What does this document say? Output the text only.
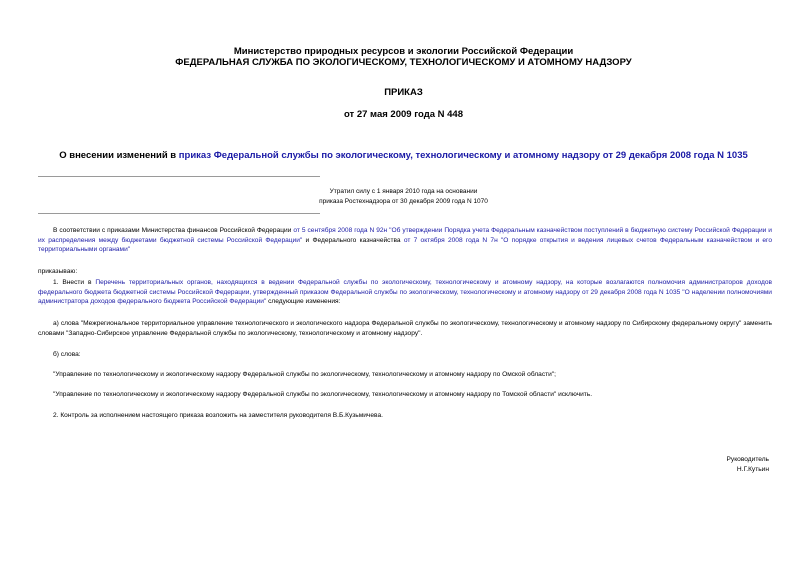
Министерство природных ресурсов и экологии Российской Федерации
ФЕДЕРАЛЬНАЯ СЛУЖБА ПО ЭКОЛОГИЧЕСКОМУ, ТЕХНОЛОГИЧЕСКОМУ И АТОМНОМУ НАДЗОРУ
ПРИКАЗ
от 27 мая 2009 года N 448
О внесении изменений в приказ Федеральной службы по экологическому, технологическому и атомному надзору от 29 декабря 2008 года N 1035
Утратил силу с 1 января 2010 года на основании
приказа Ростехнадзора от 30 декабря 2009 года N 1070
В соответствии с приказами Министерства финансов Российской Федерации от 5 сентября 2008 года N 92н "Об утверждении Порядка учета Федеральным казначейством поступлений в бюджетную систему Российской Федерации и их распределения между бюджетами бюджетной системы Российской Федерации" и Федерального казначейства от 7 октября 2008 года N 7н "О порядке открытия и ведения лицевых счетов Федеральным казначейством и его территориальными органами"
приказываю:
1. Внести в Перечень территориальных органов, находящихся в ведении Федеральной службы по экологическому, технологическому и атомному надзору, на которые возлагаются полномочия администраторов доходов федерального бюджета бюджетной системы Российской Федерации, утвержденный приказом Федеральной службы по экологическому, технологическому и атомному надзору от 29 декабря 2008 года N 1035 "О наделении полномочиями администратора доходов федерального бюджета Российской Федерации" следующие изменения:
а) слова "Межрегиональное территориальное управление технологического и экологического надзора Федеральной службы по экологическому, технологическому и атомному надзору по Сибирскому федеральному округу" заменить словами "Западно-Сибирское управление Федеральной службы по экологическому, технологическому и атомному надзору".
б) слова:
"Управление по технологическому и экологическому надзору Федеральной службы по экологическому, технологическому и атомному надзору по Омской области";
"Управление по технологическому и экологическому надзору Федеральной службы по экологическому, технологическому и атомному надзору по Томской области" исключить.
2. Контроль за исполнением настоящего приказа возложить на заместителя руководителя В.Б.Кузьмичева.
Руководитель
Н.Г.Кутьин
